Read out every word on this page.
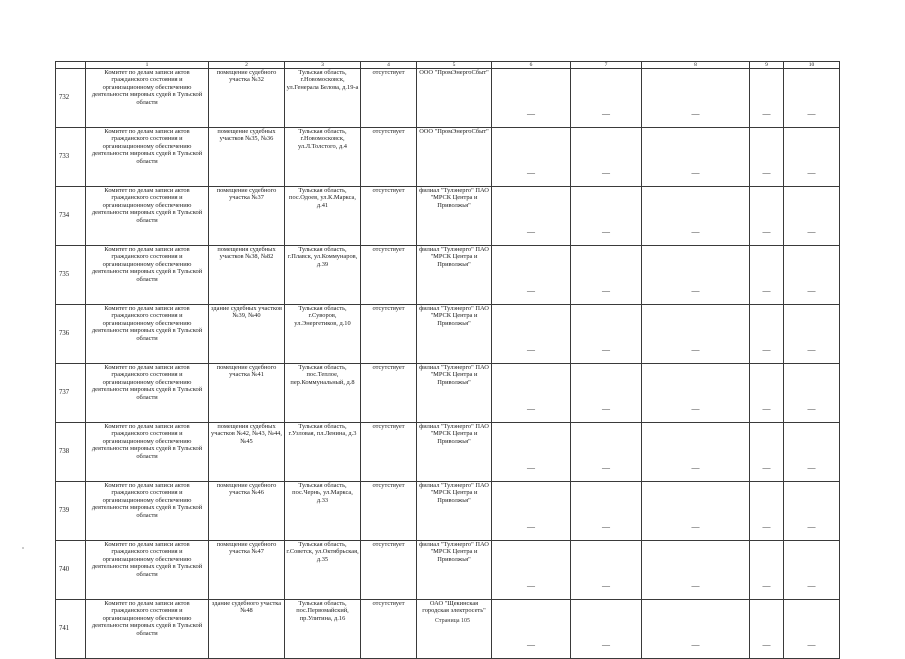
	1	2	3	4	5	6	7	8	9	10	
732	Комитет по делам записи актов гражданского состояния и организационному обеспечению деятельности мировых судей в Тульской области	помещение судебного участка №32	Тульская область, г.Новомосковск, ул.Генерала Белова, д.19-а	отсутствует	ООО "ПромЭнергоСбыт"	—	—	—	—	—	
733	Комитет по делам записи актов гражданского состояния и организационному обеспечению деятельности мировых судей в Тульской области	помещение судебных участков №35, №36	Тульская область, г.Новомосковск, ул.Л.Толстого, д.4	отсутствует	ООО "ПромЭнергоСбыт"	—	—	—	—	—	
734	Комитет по делам записи актов гражданского состояния и организационному обеспечению деятельности мировых судей в Тульской области	помещение судебного участка №37	Тульская область, пос.Одоев, ул.К.Маркса, д.41	отсутствует	филиал "Тулэнерго" ПАО "МРСК Центра и Приволжья"	—	—	—	—	—	
735	Комитет по делам записи актов гражданского состояния и организационному обеспечению деятельности мировых судей в Тульской области	помещения судебных участков №38, №82	Тульская область, г.Плавск, ул.Коммунаров, д.39	отсутствует	филиал "Тулэнерго" ПАО "МРСК Центра и Приволжья"	—	—	—	—	—	
736	Комитет по делам записи актов гражданского состояния и организационному обеспечению деятельности мировых судей в Тульской области	здание судебных участков №39, №40	Тульская область, г.Суворов, ул.Энергетиков, д.10	отсутствует	филиал "Тулэнерго" ПАО "МРСК Центра и Приволжья"	—	—	—	—	—	
737	Комитет по делам записи актов гражданского состояния и организационному обеспечению деятельности мировых судей в Тульской области	помещение судебного участка №41	Тульская область, пос.Теплое, пер.Коммунальный, д.8	отсутствует	филиал "Тулэнерго" ПАО "МРСК Центра и Приволжья"	—	—	—	—	—	
738	Комитет по делам записи актов гражданского состояния и организационному обеспечению деятельности мировых судей в Тульской области	помещения судебных участков №42, №43, №44, №45	Тульская область, г.Узловая, пл.Ленина, д.3	отсутствует	филиал "Тулэнерго" ПАО "МРСК Центра и Приволжья"	—	—	—	—	—	
739	Комитет по делам записи актов гражданского состояния и организационному обеспечению деятельности мировых судей в Тульской области	помещение судебного участка №46	Тульская область, пос.Чернь, ул.Маркса, д.33	отсутствует	филиал "Тулэнерго" ПАО "МРСК Центра и Приволжья"	—	—	—	—	—	
740	Комитет по делам записи актов гражданского состояния и организационному обеспечению деятельности мировых судей в Тульской области	помещение судебного участка №47	Тульская область, г.Советск, ул.Октябрьская, д.35	отсутствует	филиал "Тулэнерго" ПАО "МРСК Центра и Приволжья"	—	—	—	—	—	
741	Комитет по делам записи актов гражданского состояния и организационному обеспечению деятельности мировых судей в Тульской области	здание судебного участка №48	Тульская область, пос.Первомайский, пр.Улитина, д.16	отсутствует	ОАО "Щекинская городская электросеть"	—	—	—	—	—	
Страница 105
